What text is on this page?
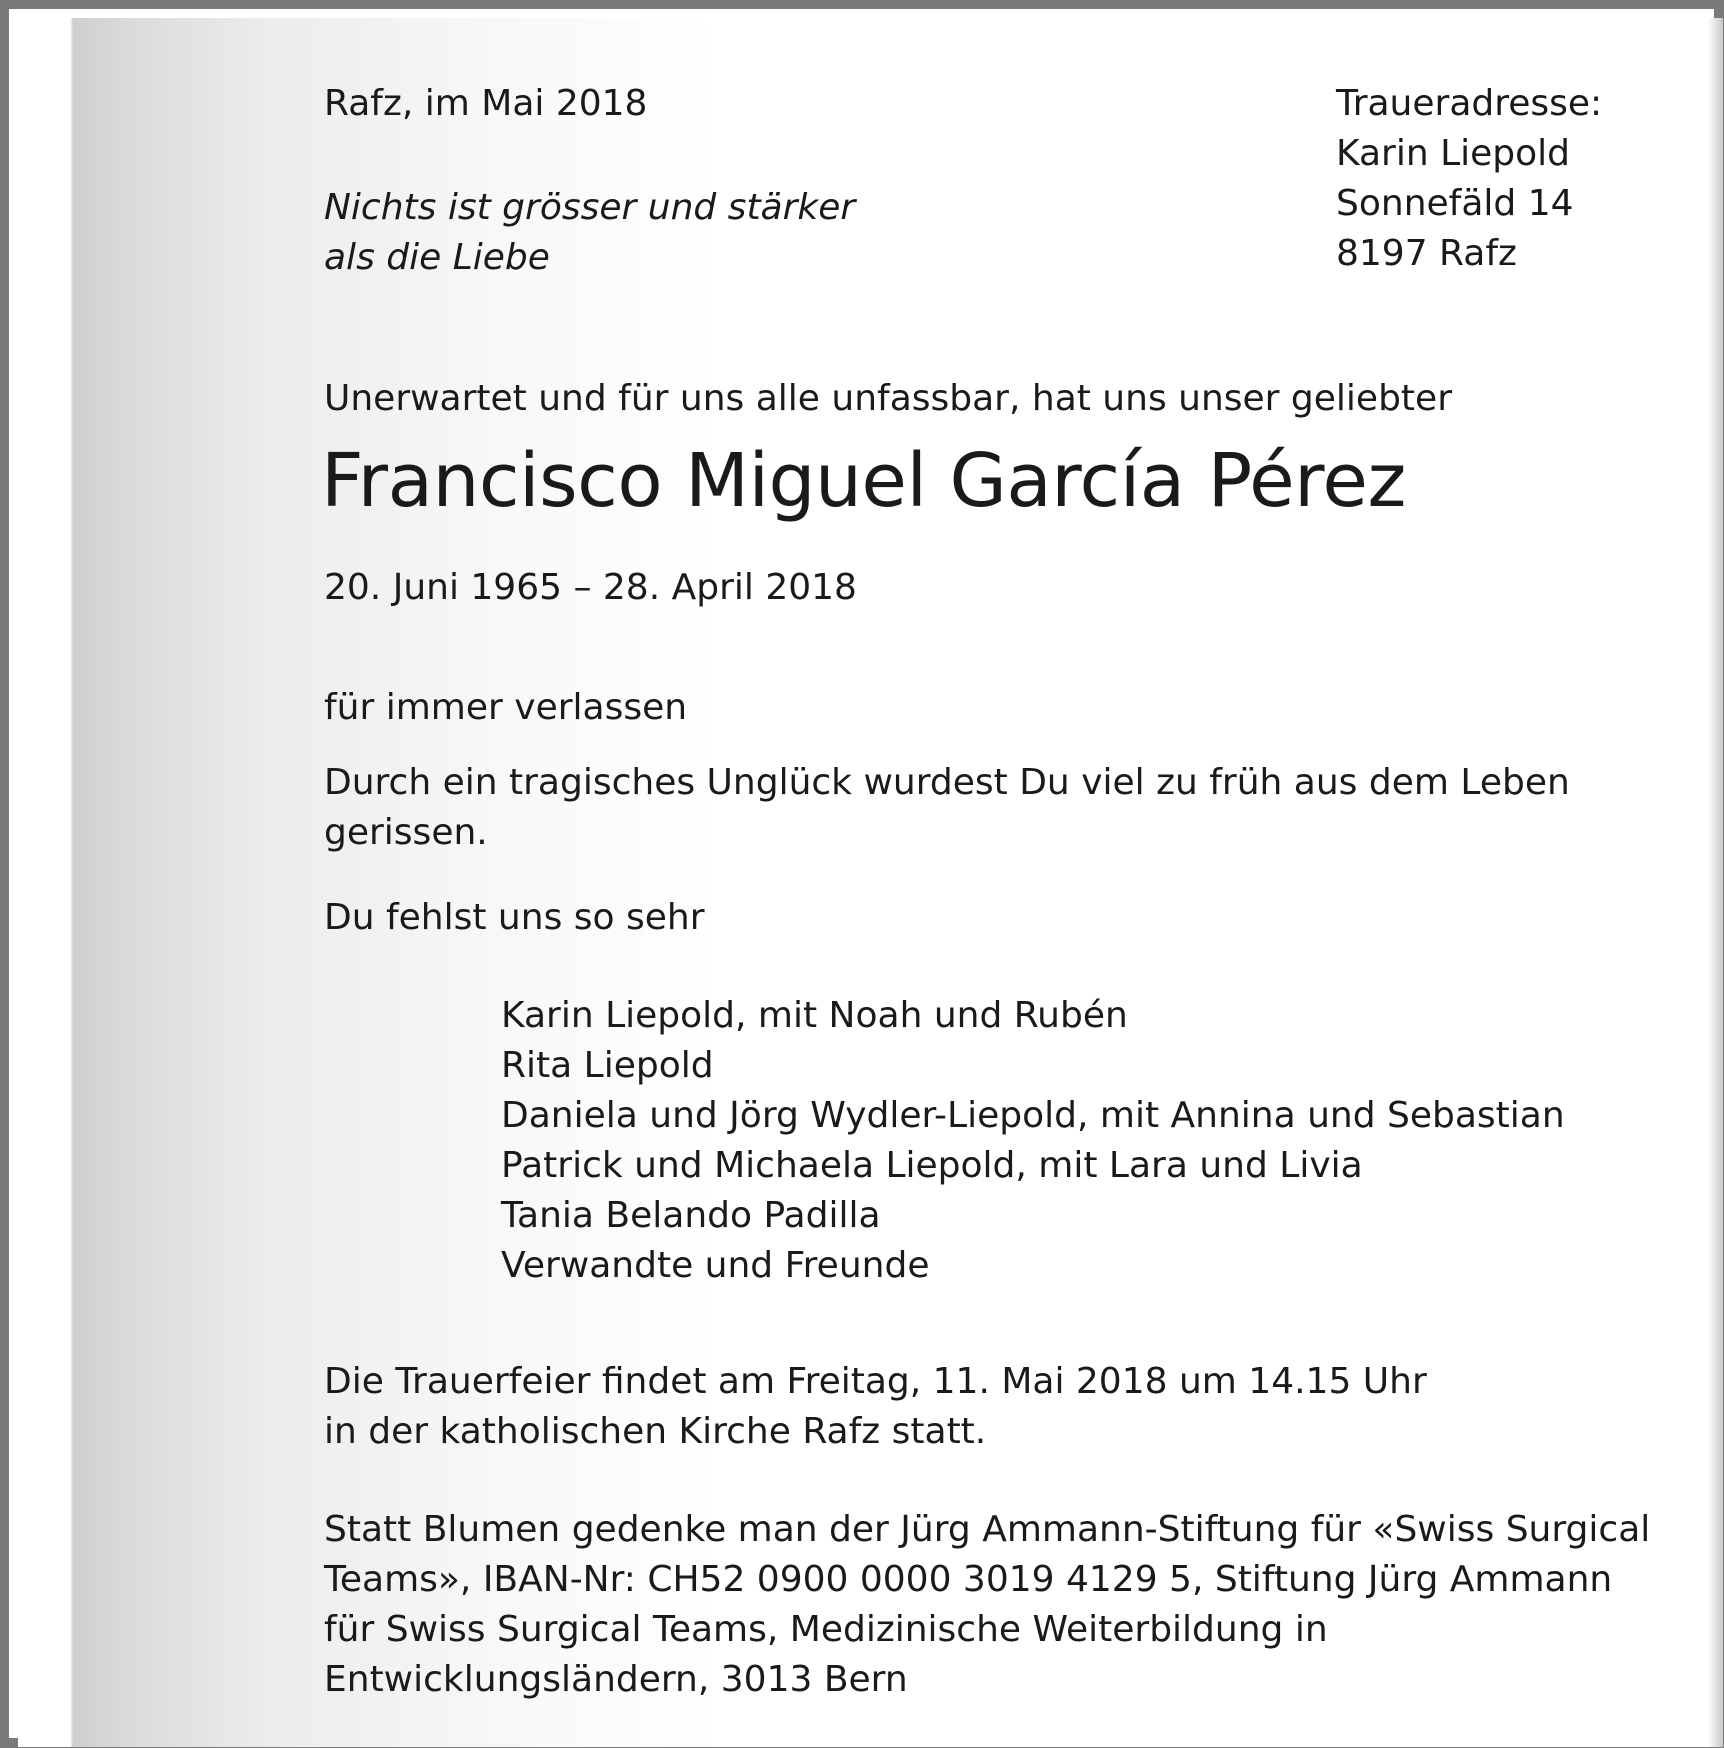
Rafz, im Mai 2018
Nichts ist grösser und stärker
als die Liebe
Traueradresse:
Karin Liepold
Sonnefäld 14
8197 Rafz
Unerwartet und für uns alle unfassbar, hat uns unser geliebter
Francisco Miguel García Pérez
20. Juni 1965 – 28. April 2018
für immer verlassen
Durch ein tragisches Unglück wurdest Du viel zu früh aus dem Leben
gerissen.
Du fehlst uns so sehr
Karin Liepold, mit Noah und Rubén
Rita Liepold
Daniela und Jörg Wydler-Liepold, mit Annina und Sebastian
Patrick und Michaela Liepold, mit Lara und Livia
Tania Belando Padilla
Verwandte und Freunde
Die Trauerfeier findet am Freitag, 11. Mai 2018 um 14.15 Uhr
in der katholischen Kirche Rafz statt.
Statt Blumen gedenke man der Jürg Ammann-Stiftung für «Swiss Surgical
Teams», IBAN-Nr: CH52 0900 0000 3019 4129 5, Stiftung Jürg Ammann
für Swiss Surgical Teams, Medizinische Weiterbildung in
Entwicklungsländern, 3013 Bern
